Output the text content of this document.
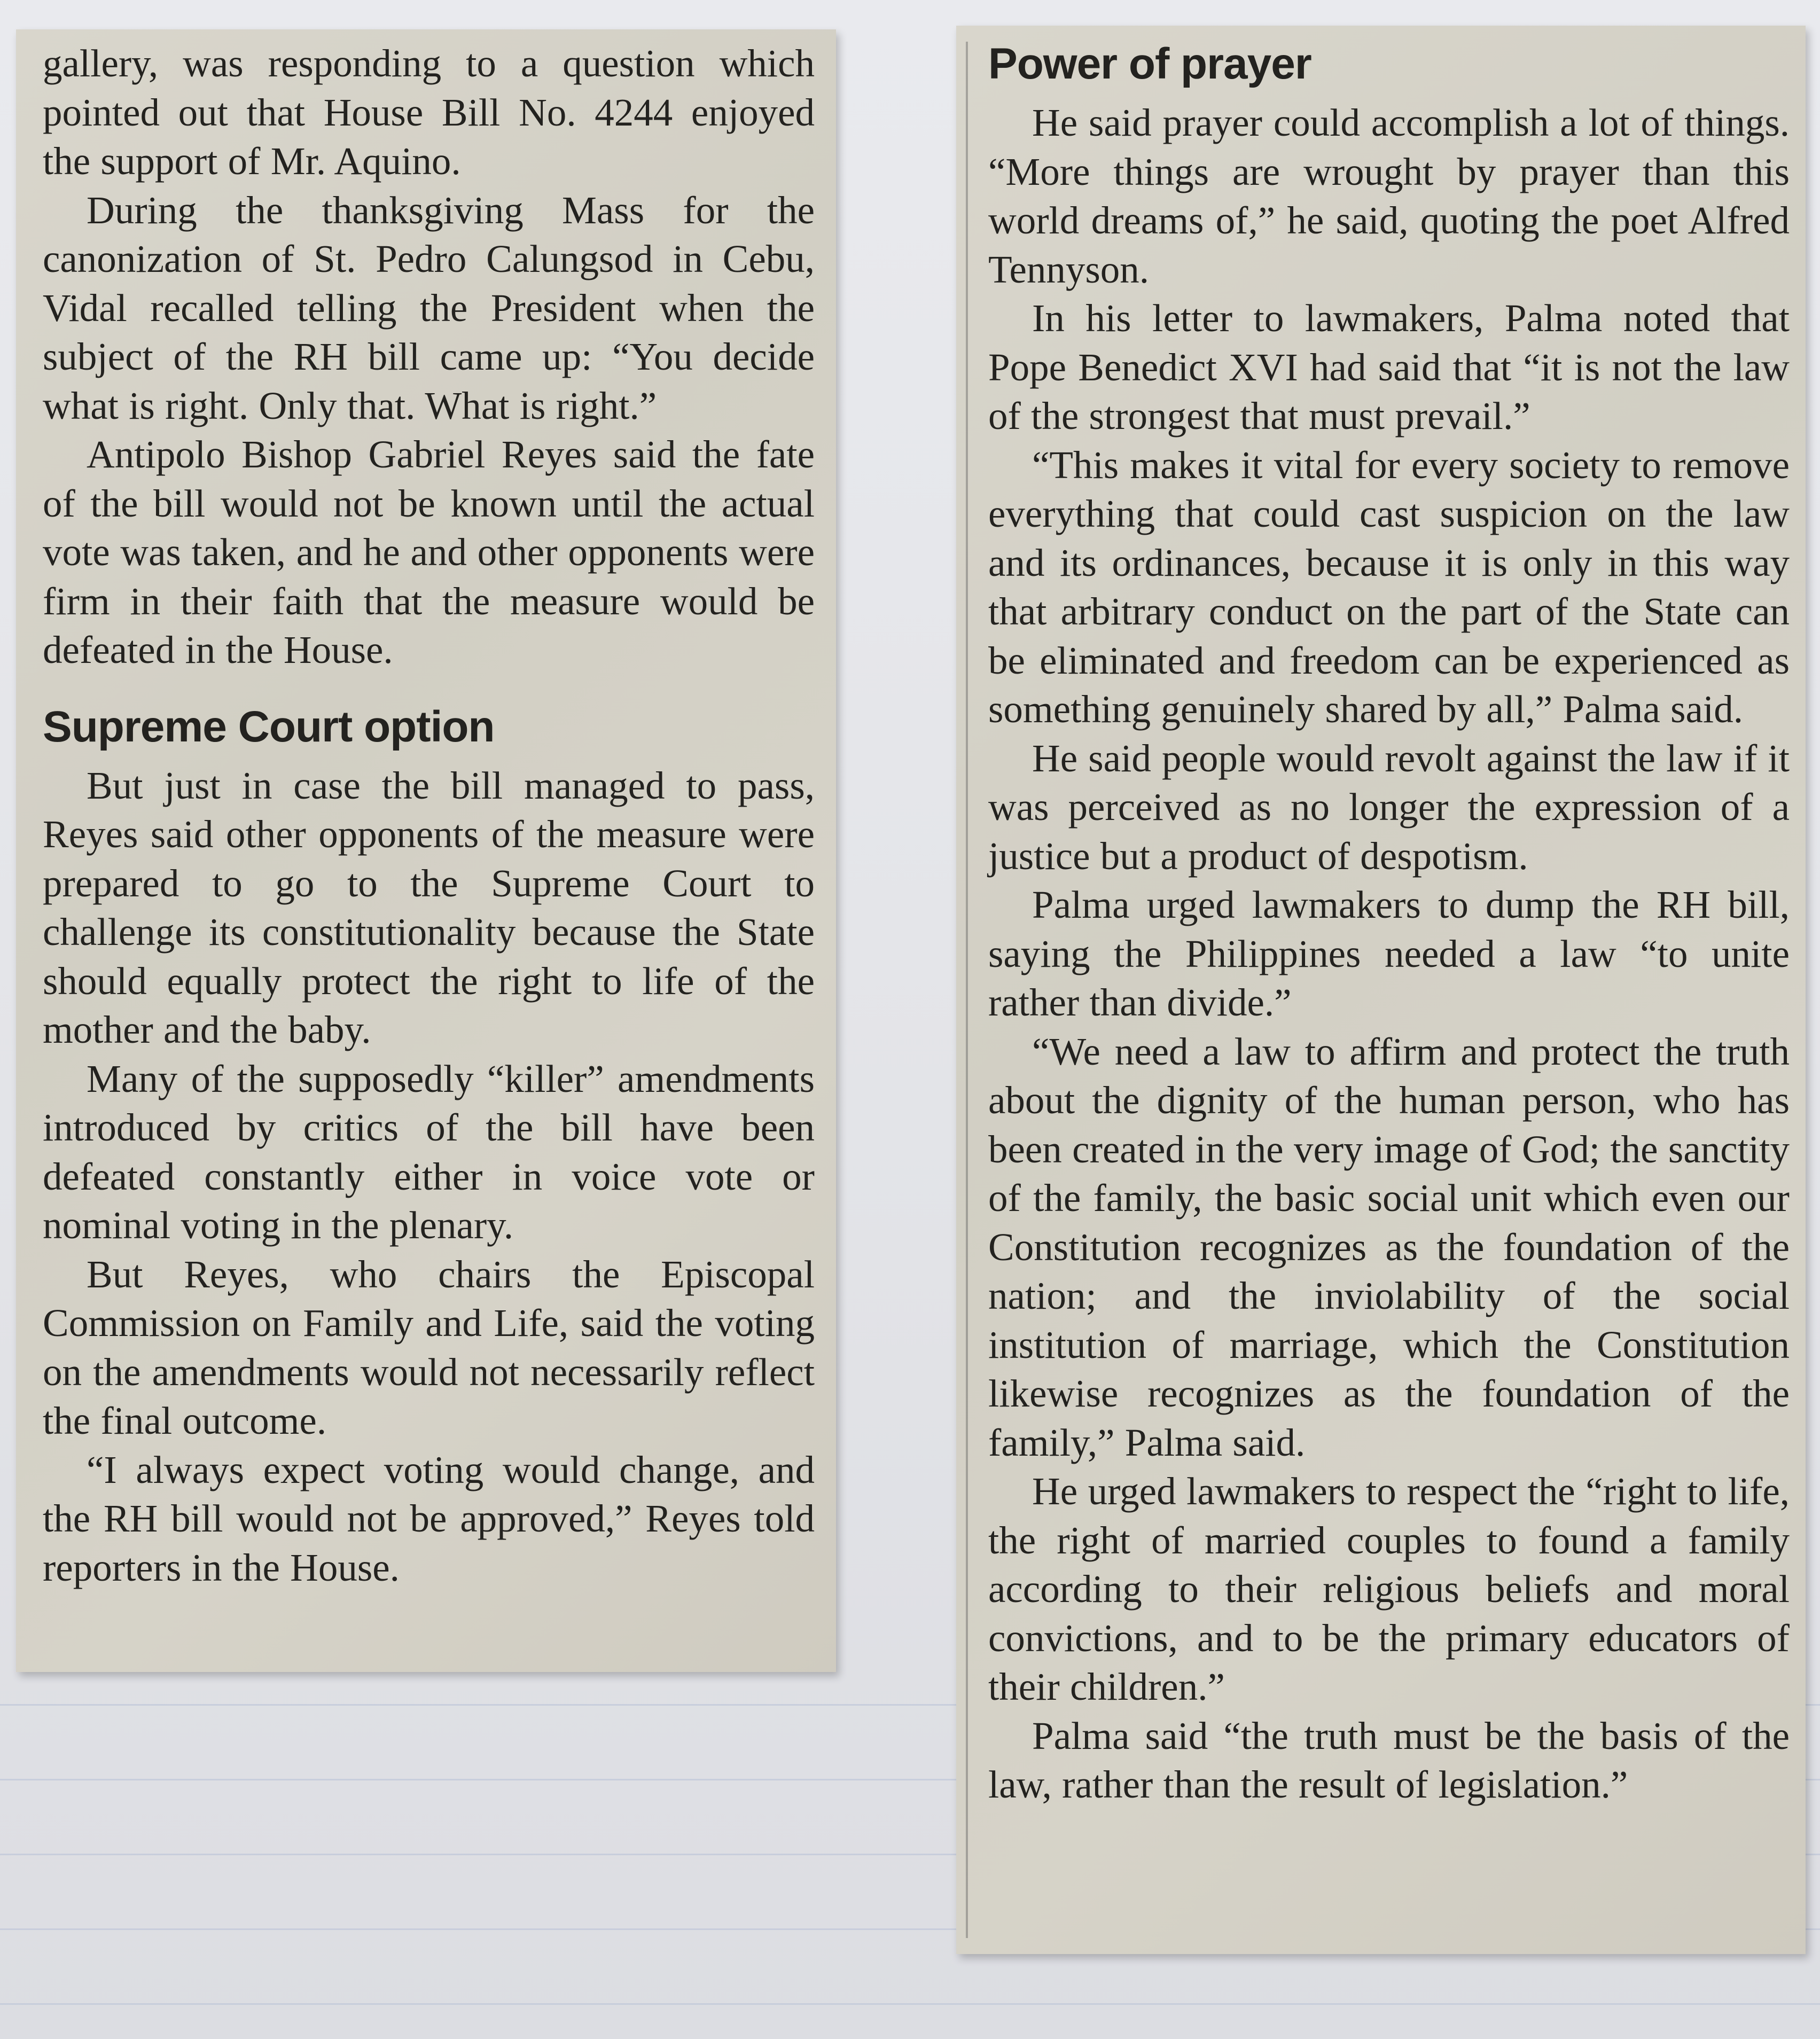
gallery, was responding to a question which pointed out that House Bill No. 4244 enjoyed the support of Mr. Aquino.

During the thanksgiving Mass for the canonization of St. Pedro Calungsod in Cebu, Vidal recalled telling the President when the subject of the RH bill came up: “You decide what is right. Only that. What is right.”

Antipolo Bishop Gabriel Reyes said the fate of the bill would not be known until the actual vote was taken, and he and other opponents were firm in their faith that the measure would be defeated in the House.

Supreme Court option

But just in case the bill managed to pass, Reyes said other opponents of the measure were prepared to go to the Supreme Court to challenge its constitutionality because the State should equally protect the right to life of the mother and the baby.

Many of the supposedly “killer” amendments introduced by critics of the bill have been defeated constantly either in voice vote or nominal voting in the plenary.

But Reyes, who chairs the Episcopal Commission on Family and Life, said the voting on the amendments would not necessarily reflect the final outcome.

“I always expect voting would change, and the RH bill would not be approved,” Reyes told reporters in the House.

Power of prayer

He said prayer could accomplish a lot of things. “More things are wrought by prayer than this world dreams of,” he said, quoting the poet Alfred Tennyson.

In his letter to lawmakers, Palma noted that Pope Benedict XVI had said that “it is not the law of the strongest that must prevail.”

“This makes it vital for every society to remove everything that could cast suspicion on the law and its ordinances, because it is only in this way that arbitrary conduct on the part of the State can be eliminated and freedom can be experienced as something genuinely shared by all,” Palma said.

He said people would revolt against the law if it was perceived as no longer the expression of a justice but a product of despotism.

Palma urged lawmakers to dump the RH bill, saying the Philippines needed a law “to unite rather than divide.”

“We need a law to affirm and protect the truth about the dignity of the human person, who has been created in the very image of God; the sanctity of the family, the basic social unit which even our Constitution recognizes as the foundation of the nation; and the inviolability of the social institution of marriage, which the Constitution likewise recognizes as the foundation of the family,” Palma said.

He urged lawmakers to respect the “right to life, the right of married couples to found a family according to their religious beliefs and moral convictions, and to be the primary educators of their children.”

Palma said “the truth must be the basis of the law, rather than the result of legislation.”
